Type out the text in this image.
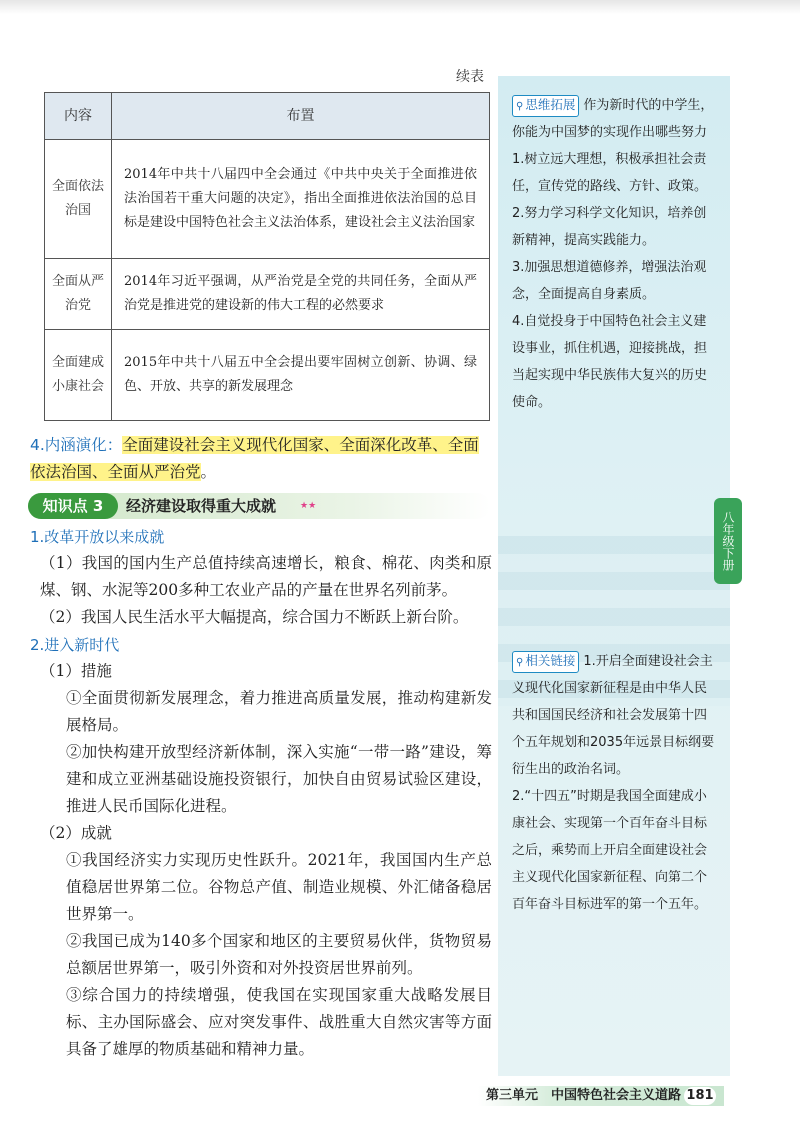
续表
内容	布置
全面依法治国	2014年中共十八届四中全会通过《中共中央关于全面推进依法治国若干重大问题的决定》，指出全面推进依法治国的总目标是建设中国特色社会主义法治体系，建设社会主义法治国家
全面从严治党	2014年习近平强调，从严治党是全党的共同任务，全面从严治党是推进党的建设新的伟大工程的必然要求
全面建成小康社会	2015年中共十八届五中全会提出要牢固树立创新、协调、绿色、开放、共享的新发展理念
4.内涵演化：全面建设社会主义现代化国家、全面深化改革、全面依法治国、全面从严治党。
知识点 3	经济建设取得重大成就	★★
1.改革开放以来成就
（1）我国的国内生产总值持续高速增长，粮食、棉花、肉类和原煤、钢、水泥等200多种工农业产品的产量在世界名列前茅。
（2）我国人民生活水平大幅提高，综合国力不断跃上新台阶。
2.进入新时代
（1）措施
①全面贯彻新发展理念，着力推进高质量发展，推动构建新发展格局。
②加快构建开放型经济新体制，深入实施“一带一路”建设，筹建和成立亚洲基础设施投资银行，加快自由贸易试验区建设，推进人民币国际化进程。
（2）成就
①我国经济实力实现历史性跃升。2021年，我国国内生产总值稳居世界第二位。谷物总产值、制造业规模、外汇储备稳居世界第一。
②我国已成为140多个国家和地区的主要贸易伙伴，货物贸易总额居世界第一，吸引外资和对外投资居世界前列。
③综合国力的持续增强，使我国在实现国家重大战略发展目标、主办国际盛会、应对突发事件、战胜重大自然灾害等方面具备了雄厚的物质基础和精神力量。

⚲ 思维拓展 作为新时代的中学生，你能为中国梦的实现作出哪些努力

1.树立远大理想，积极承担社会责任，宣传党的路线、方针、政策。

2.努力学习科学文化知识，培养创新精神，提高实践能力。

3.加强思想道德修养，增强法治观念，全面提高自身素质。

4.自觉投身于中国特色社会主义建设事业，抓住机遇，迎接挑战，担当起实现中华民族伟大复兴的历史使命。

⚲ 相关链接 1.开启全面建设社会主义现代化国家新征程是由中华人民共和国国民经济和社会发展第十四个五年规划和2035年远景目标纲要衍生出的政治名词。

2.“十四五”时期是我国全面建成小康社会、实现第一个百年奋斗目标之后，乘势而上开启全面建设社会主义现代化国家新征程、向第二个百年奋斗目标进军的第一个五年。

八年级下册
第三单元  中国特色社会主义道路 181
